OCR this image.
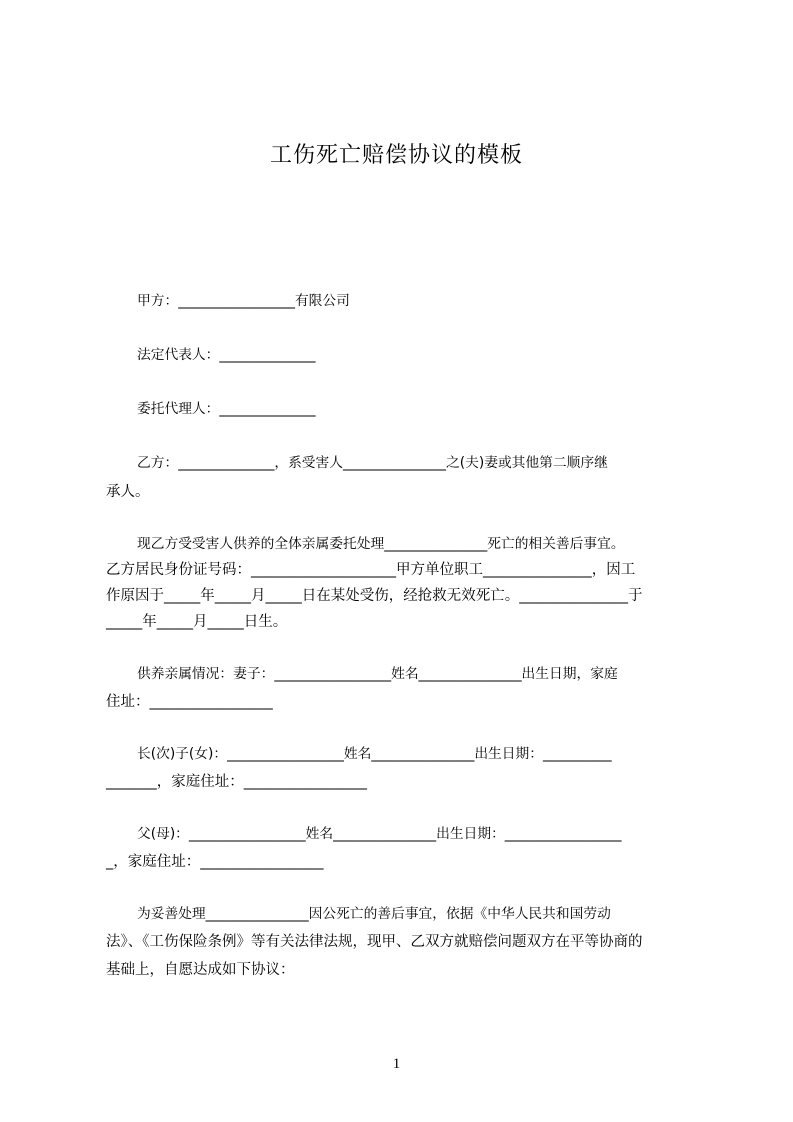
工伤死亡赔偿协议的模板
甲方：_________________有限公司
法定代表人：______________
委托代理人：______________
乙方：______________，系受害人_______________之(夫)妻或其他第二顺序继
承人。
现乙方受受害人供养的全体亲属委托处理_______________死亡的相关善后事宜。
乙方居民身份证号码：____________________甲方单位职工_______________，因工
作原因于_____年_____月_____日在某处受伤，经抢救无效死亡。_______________于
_____年_____月_____日生。
供养亲属情况：妻子：_________________姓名_______________出生日期，家庭
住址：_________________
长(次)子(女)：_________________姓名_______________出生日期：__________
_______，家庭住址：_________________
父(母)：_________________姓名_______________出生日期：_________________
_，家庭住址：_________________
为妥善处理_______________因公死亡的善后事宜，依据《中华人民共和国劳动
法》、《工伤保险条例》等有关法律法规，现甲、乙双方就赔偿问题双方在平等协商的
基础上，自愿达成如下协议：
1
